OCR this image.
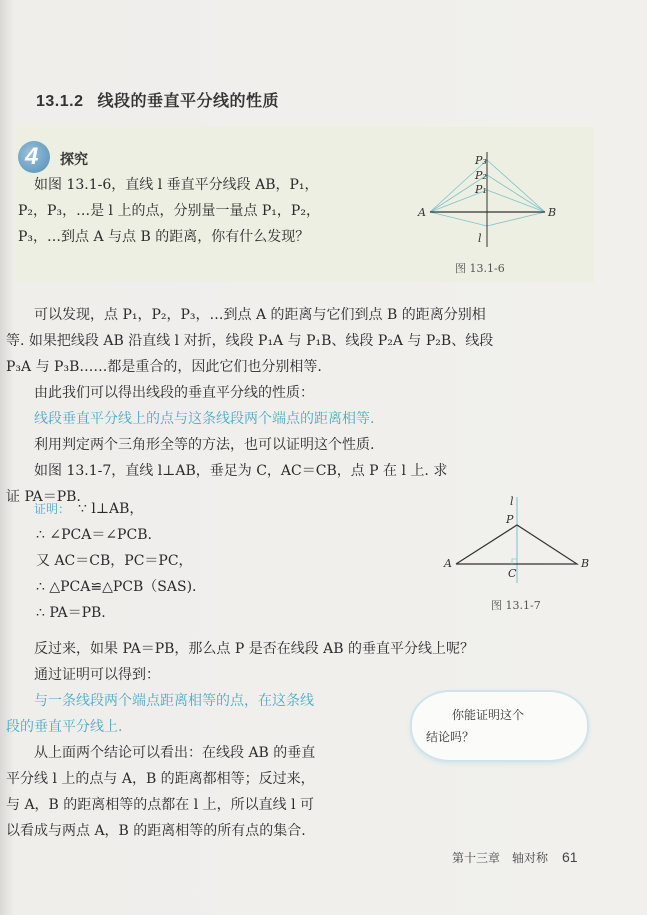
13.1.2 线段的垂直平分线的性质
4 探究
如图 13.1-6，直线 l 垂直平分线段 AB，P₁，
P₂，P₃，…是 l 上的点，分别量一量点 P₁，P₂，
P₃，…到点 A 与点 B 的距离，你有什么发现？
P₃
P₂
P₁
A	B
l
图 13.1-6
可以发现，点 P₁，P₂，P₃，…到点 A 的距离与它们到点 B 的距离分别相
等. 如果把线段 AB 沿直线 l 对折，线段 P₁A 与 P₁B、线段 P₂A 与 P₂B、线段
P₃A 与 P₃B……都是重合的，因此它们也分别相等.
由此我们可以得出线段的垂直平分线的性质：
线段垂直平分线上的点与这条线段两个端点的距离相等.
利用判定两个三角形全等的方法，也可以证明这个性质.
如图 13.1-7，直线 l⊥AB，垂足为 C，AC＝CB，点 P 在 l 上. 求
证 PA＝PB.
证明： ∵ l⊥AB，
∴ ∠PCA＝∠PCB.
又 AC＝CB，PC＝PC，
∴ △PCA≌△PCB（SAS).
∴ PA＝PB.
l
P
A
C
B
图 13.1-7
反过来，如果 PA＝PB，那么点 P 是否在线段 AB 的垂直平分线上呢？
通过证明可以得到：
与一条线段两个端点距离相等的点，在这条线
段的垂直平分线上.
你能证明这个
结论吗？
从上面两个结论可以看出：在线段 AB 的垂直
平分线 l 上的点与 A，B 的距离都相等；反过来，
与 A，B 的距离相等的点都在 l 上，所以直线 l 可
以看成与两点 A，B 的距离相等的所有点的集合.
第十三章　轴对称 61
